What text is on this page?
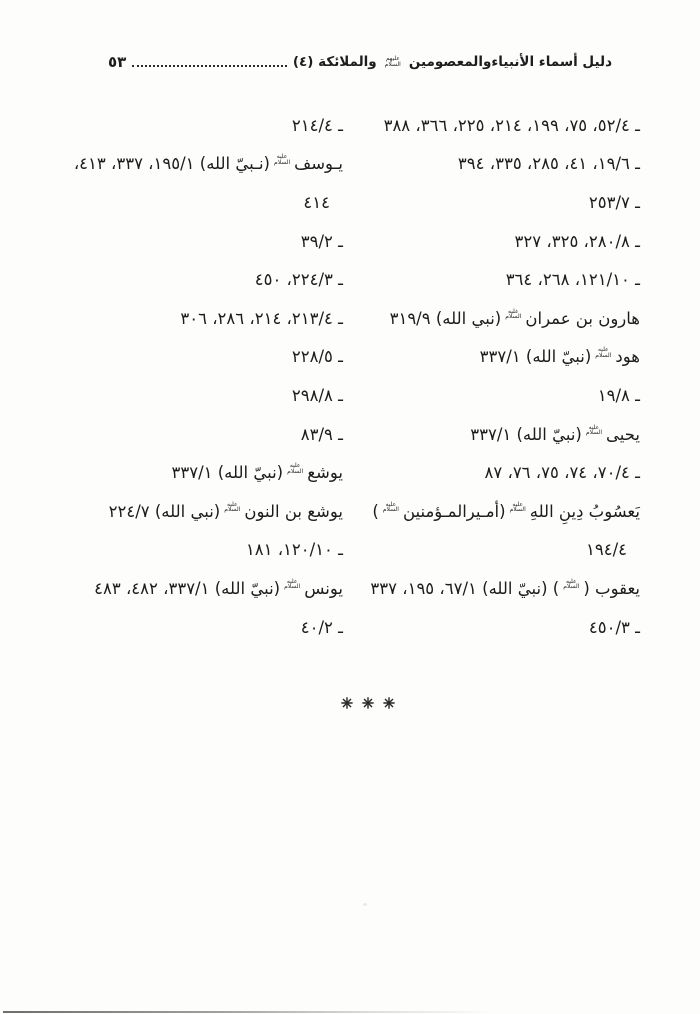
دليل أسماء الأنبياءوالمعصومين
عليهم
السلام
والملائكة (٤)
٥٣
ـ ٥٢/٤، ٧٥، ١٩٩، ٢١٤، ٢٢٥، ٣٦٦، ٣٨٨
ـ ١٩/٦، ٤١، ٢٨٥، ٣٣٥، ٣٩٤
ـ ٢٥٣/٧
ـ ٢٨٠/٨، ٣٢٥، ٣٢٧
ـ ١٢١/١٠، ٢٦٨، ٣٦٤
هارون بن عمران
عليه
السلام
(نبي الله) ٣١٩/٩
هود
عليه
السلام
(نبيّ الله) ٣٣٧/١
ـ ١٩/٨
يحيى
عليه
السلام
(نبيّ الله) ٣٣٧/١
ـ ٧٠/٤، ٧٤، ٧٥، ٧٦، ٨٧
يَعسُوبُ دِينِ اللهِ
عليه
السلام
(أمـيرالمـؤمنين
عليه
السلام
)
١٩٤/٤
يعقوب (
عليه
السلام
) (نبيّ الله) ٦٧/١، ١٩٥، ٣٣٧
ـ ٤٥٠/٣
ـ ٢١٤/٤
يـوسف
عليه
السلام
(نـبيّ الله) ١٩٥/١، ٣٣٧، ٤١٣،
٤١٤
ـ ٣٩/٢
ـ ٢٢٤/٣، ٤٥٠
ـ ٢١٣/٤، ٢١٤، ٢٨٦، ٣٠٦
ـ ٢٢٨/٥
ـ ٢٩٨/٨
ـ ٨٣/٩
يوشع
عليه
السلام
(نبيّ الله) ٣٣٧/١
يوشع بن النون
عليه
السلام
(نبي الله) ٢٢٤/٧
ـ ١٢٠/١٠، ١٨١
يونس
عليه
السلام
(نبيّ الله) ٣٣٧/١، ٤٨٢، ٤٨٣
ـ ٤٠/٢
